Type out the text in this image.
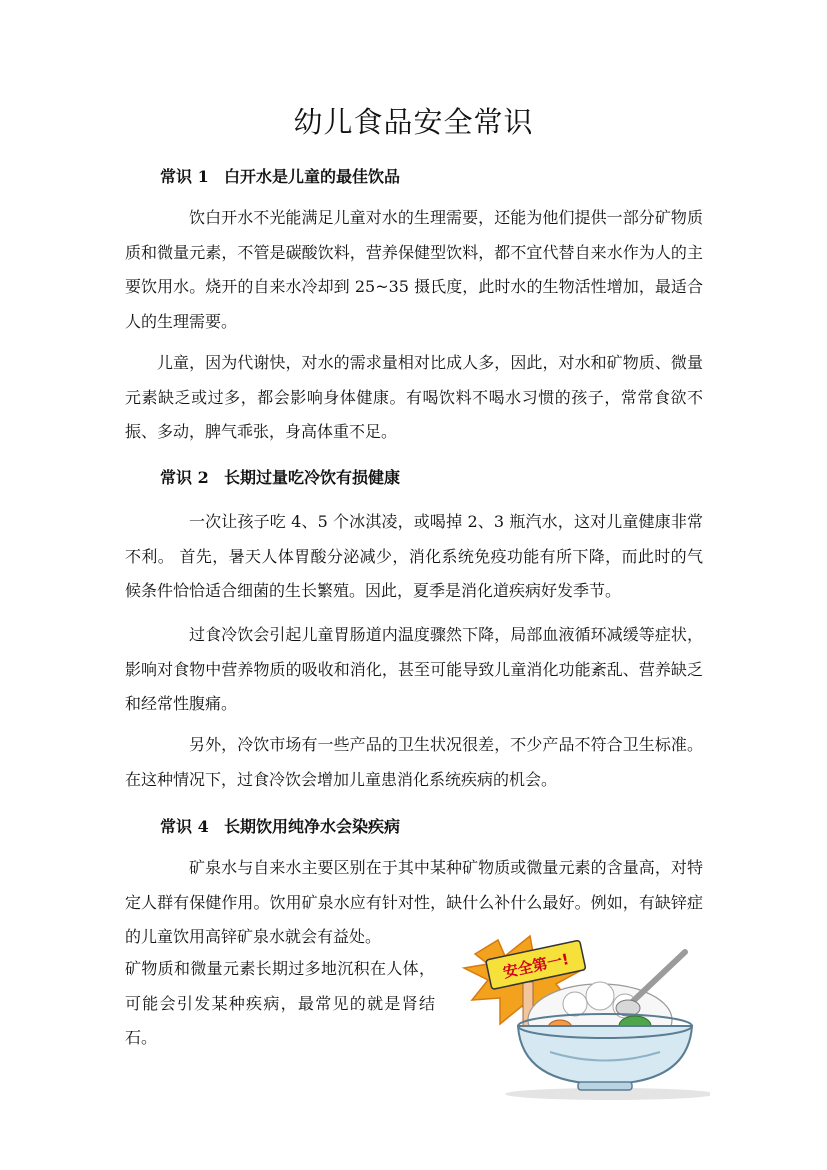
幼儿食品安全常识
常识 1 白开水是儿童的最佳饮品

饮白开水不光能满足儿童对水的生理需要，还能为他们提供一部分矿物质质和微量元素，不管是碳酸饮料，营养保健型饮料，都不宜代替自来水作为人的主要饮用水。烧开的自来水冷却到 25~35 摄氏度，此时水的生物活性增加，最适合人的生理需要。

儿童，因为代谢快，对水的需求量相对比成人多，因此，对水和矿物质、微量元素缺乏或过多，都会影响身体健康。有喝饮料不喝水习惯的孩子，常常食欲不振、多动，脾气乖张，身高体重不足。

常识 2 长期过量吃冷饮有损健康

一次让孩子吃 4、5 个冰淇凌，或喝掉 2、3 瓶汽水，这对儿童健康非常不利。 首先，暑天人体胃酸分泌减少，消化系统免疫功能有所下降，而此时的气候条件恰恰适合细菌的生长繁殖。因此，夏季是消化道疾病好发季节。

过食冷饮会引起儿童胃肠道内温度骤然下降，局部血液循环减缓等症状，影响对食物中营养物质的吸收和消化，甚至可能导致儿童消化功能紊乱、营养缺乏和经常性腹痛。

另外，冷饮市场有一些产品的卫生状况很差，不少产品不符合卫生标准。在这种情况下，过食冷饮会增加儿童患消化系统疾病的机会。

常识 4 长期饮用纯净水会染疾病

矿泉水与自来水主要区别在于其中某种矿物质或微量元素的含量高，对特定人群有保健作用。饮用矿泉水应有针对性，缺什么补什么最好。例如，有缺锌症的儿童饮用高锌矿泉水就会有益处。

矿物质和微量元素长期过多地沉积在人体，可能会引发某种疾病，最常见的就是肾结石。

安全第一!
